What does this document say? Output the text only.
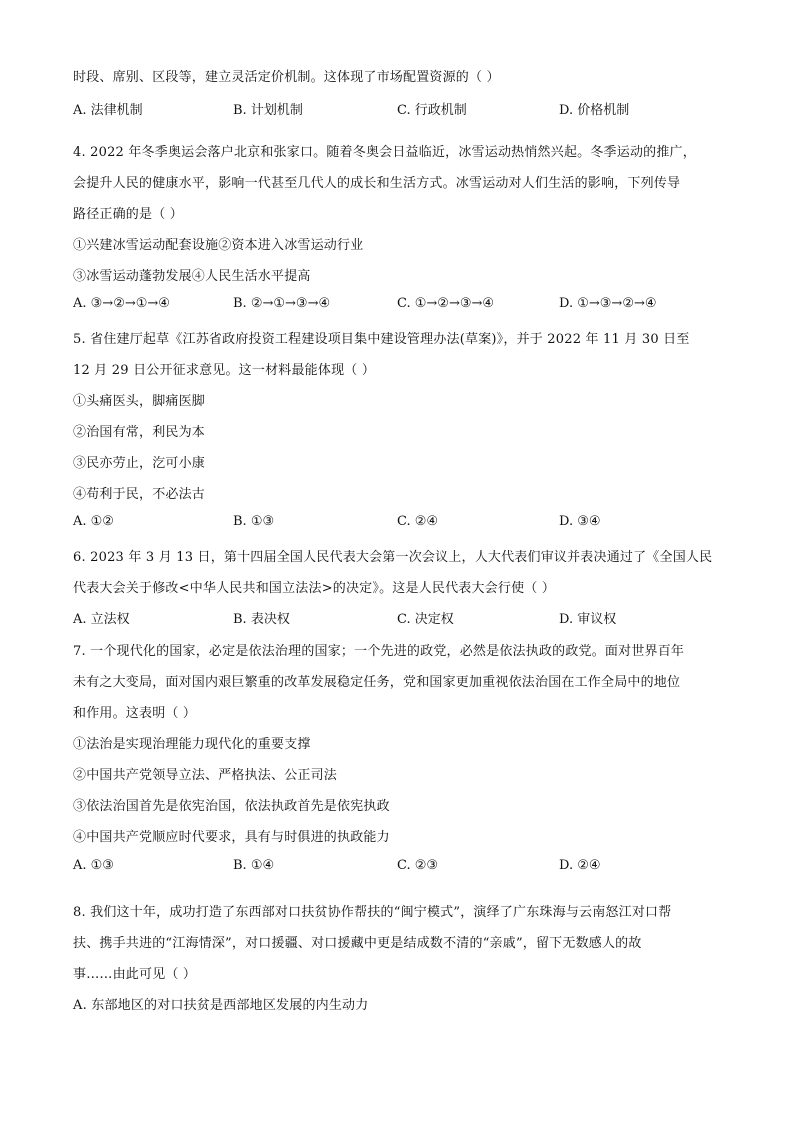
时段、席别、区段等，建立灵活定价机制。这体现了市场配置资源的（ ）
A. 法律机制	B. 计划机制	C. 行政机制	D. 价格机制
4. 2022 年冬季奥运会落户北京和张家口。随着冬奥会日益临近，冰雪运动热悄然兴起。冬季运动的推广，
会提升人民的健康水平，影响一代甚至几代人的成长和生活方式。冰雪运动对人们生活的影响，下列传导
路径正确的是（ ）
①兴建冰雪运动配套设施②资本进入冰雪运动行业
③冰雪运动蓬勃发展④人民生活水平提高
A. ③→②→①→④	B. ②→①→③→④	C. ①→②→③→④	D. ①→③→②→④
5. 省住建厅起草《江苏省政府投资工程建设项目集中建设管理办法(草案)》，并于 2022 年 11 月 30 日至
12 月 29 日公开征求意见。这一材料最能体现（ ）
①头痛医头，脚痛医脚
②治国有常，利民为本
③民亦劳止，汔可小康
④苟利于民，不必法古
A. ①②	B. ①③	C. ②④	D. ③④
6. 2023 年 3 月 13 日，第十四届全国人民代表大会第一次会议上，人大代表们审议并表决通过了《全国人民
代表大会关于修改<中华人民共和国立法法>的决定》。这是人民代表大会行使（ ）
A. 立法权	B. 表决权	C. 决定权	D. 审议权
7. 一个现代化的国家，必定是依法治理的国家；一个先进的政党，必然是依法执政的政党。面对世界百年
未有之大变局，面对国内艰巨繁重的改革发展稳定任务，党和国家更加重视依法治国在工作全局中的地位
和作用。这表明（ ）
①法治是实现治理能力现代化的重要支撑
②中国共产党领导立法、严格执法、公正司法
③依法治国首先是依宪治国，依法执政首先是依宪执政
④中国共产党顺应时代要求，具有与时俱进的执政能力
A. ①③	B. ①④	C. ②③	D. ②④
8. 我们这十年，成功打造了东西部对口扶贫协作帮扶的“闽宁模式”，演绎了广东珠海与云南怒江对口帮
扶、携手共进的“江海情深”，对口援疆、对口援藏中更是结成数不清的“亲戚”，留下无数感人的故
事……由此可见（ ）
A. 东部地区的对口扶贫是西部地区发展的内生动力
